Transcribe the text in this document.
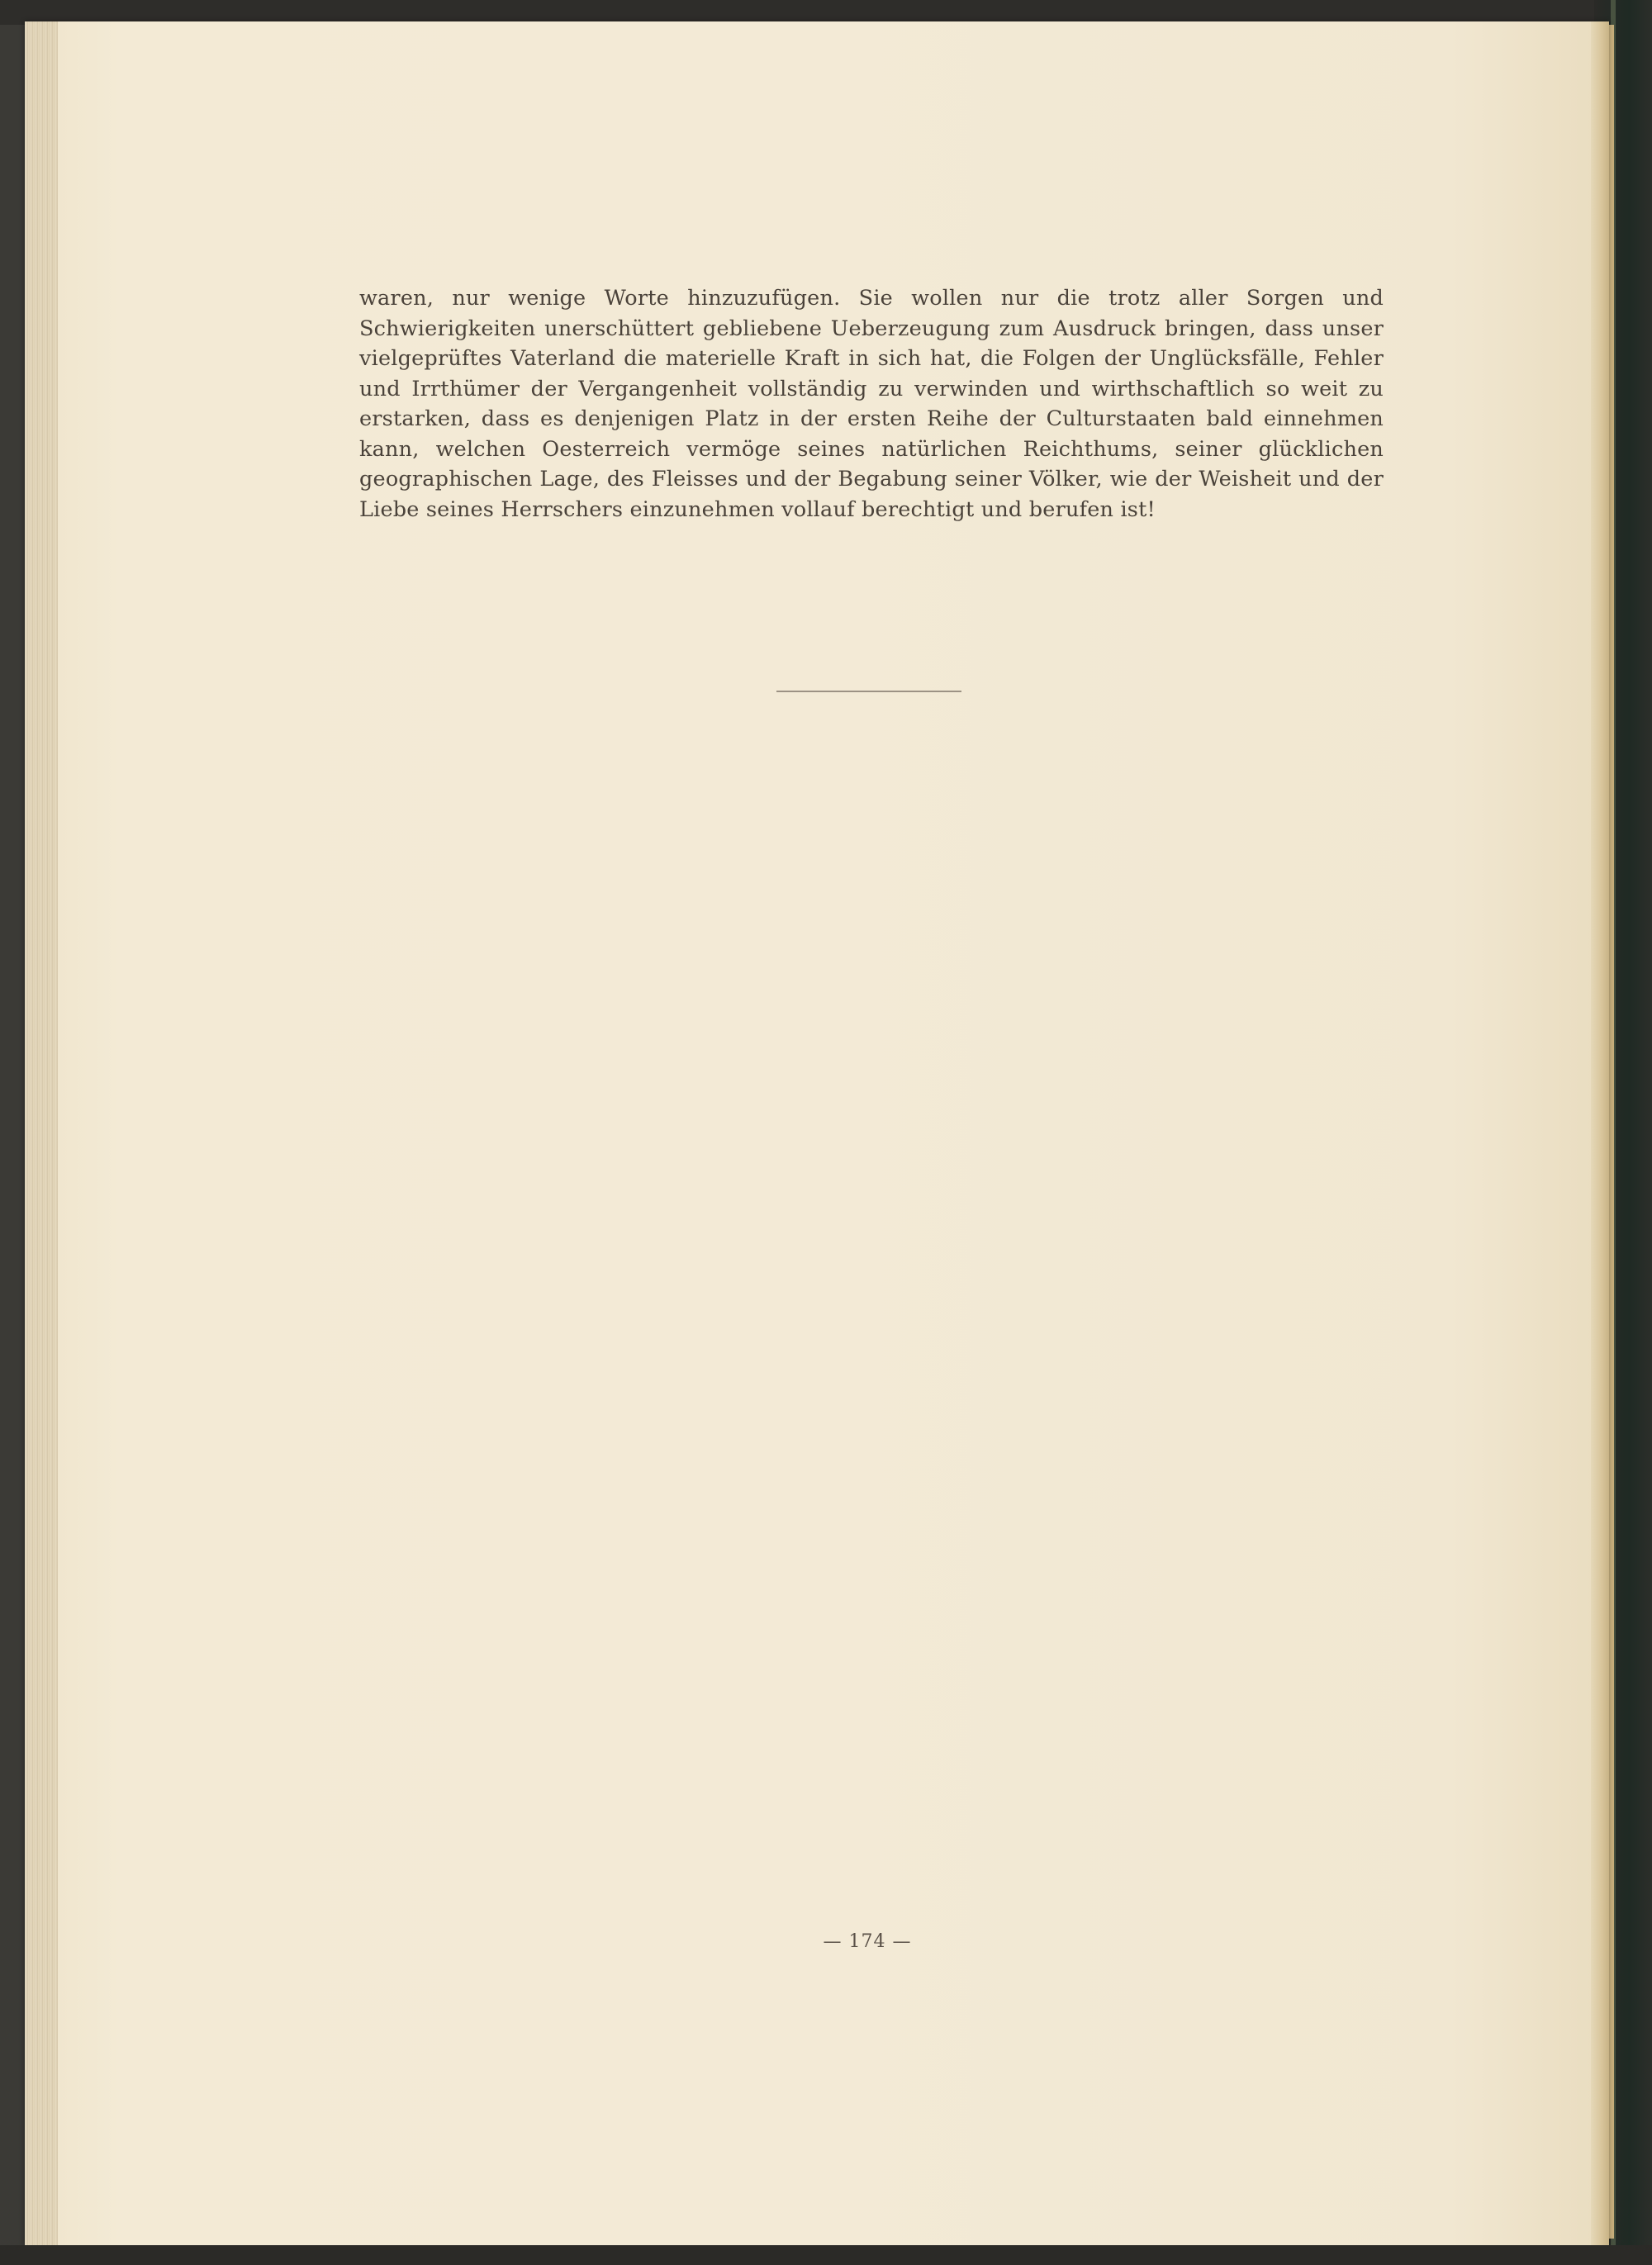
waren, nur wenige Worte hinzuzufügen. Sie wollen nur die trotz aller Sorgen und Schwierigkeiten unerschüttert gebliebene Ueberzeugung zum Ausdruck bringen, dass unser vielgeprüftes Vaterland die materielle Kraft in sich hat, die Folgen der Unglücksfälle, Fehler und Irrthümer der Vergangenheit vollständig zu verwinden und wirthschaftlich so weit zu erstarken, dass es denjenigen Platz in der ersten Reihe der Culturstaaten bald einnehmen kann, welchen Oesterreich vermöge seines natürlichen Reichthums, seiner glücklichen geographischen Lage, des Fleisses und der Begabung seiner Völker, wie der Weisheit und der Liebe seines Herrschers einzunehmen vollauf berechtigt und berufen ist!

— 174 —
